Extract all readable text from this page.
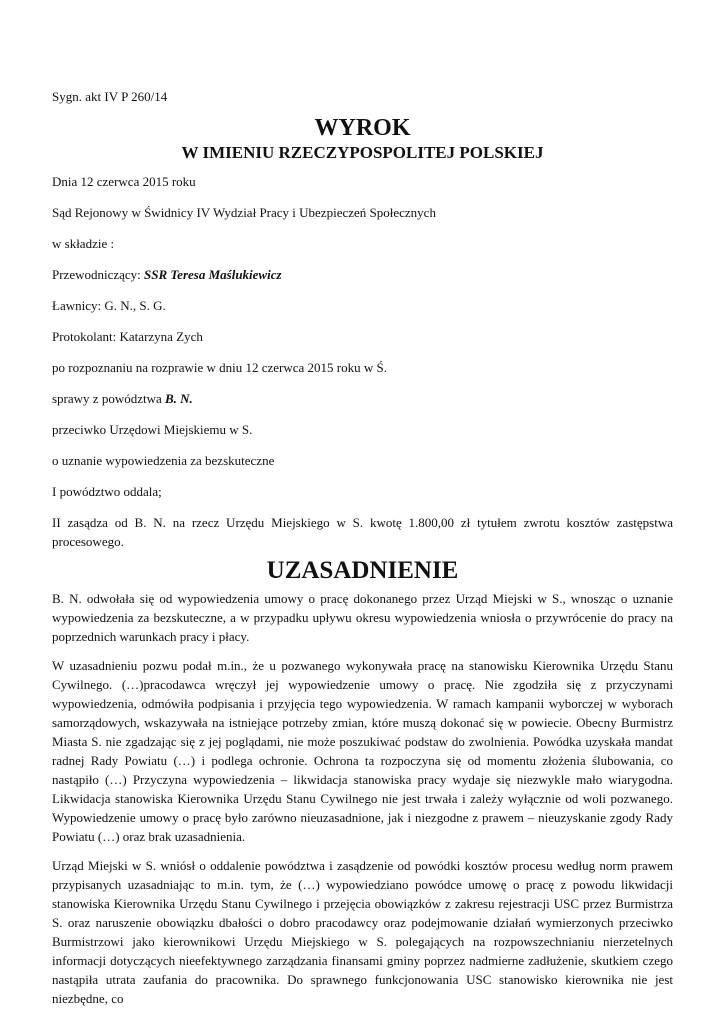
Sygn. akt IV P 260/14

WYROK
W IMIENIU RZECZYPOSPOLITEJ POLSKIEJ

Dnia 12 czerwca 2015 roku

Sąd Rejonowy w Świdnicy IV Wydział Pracy i Ubezpieczeń Społecznych

w składzie :

Przewodniczący: SSR Teresa Maślukiewicz

Ławnicy: G. N., S. G.

Protokolant: Katarzyna Zych

po rozpoznaniu na rozprawie w dniu 12 czerwca 2015 roku w Ś.

sprawy z powództwa B. N.

przeciwko Urzędowi Miejskiemu w S.

o uznanie wypowiedzenia za bezskuteczne

I powództwo oddala;

II zasądza od B. N. na rzecz Urzędu Miejskiego w S. kwotę 1.800,00 zł tytułem zwrotu kosztów zastępstwa procesowego.

UZASADNIENIE

B. N. odwołała się od wypowiedzenia umowy o pracę dokonanego przez Urząd Miejski w S., wnosząc o uznanie wypowiedzenia za bezskuteczne, a w przypadku upływu okresu wypowiedzenia wniosła o przywrócenie do pracy na poprzednich warunkach pracy i płacy.

W uzasadnieniu pozwu podał m.in., że u pozwanego wykonywała pracę na stanowisku Kierownika Urzędu Stanu Cywilnego. (…)pracodawca wręczył jej wypowiedzenie umowy o pracę. Nie zgodziła się z przyczynami wypowiedzenia, odmówiła podpisania i przyjęcia tego wypowiedzenia. W ramach kampanii wyborczej w wyborach samorządowych, wskazywała na istniejące potrzeby zmian, które muszą dokonać się w powiecie. Obecny Burmistrz Miasta S. nie zgadzając się z jej poglądami, nie może poszukiwać podstaw do zwolnienia. Powódka uzyskała mandat radnej Rady Powiatu (…) i podlega ochronie. Ochrona ta rozpoczyna się od momentu złożenia ślubowania, co nastąpiło (…) Przyczyna wypowiedzenia – likwidacja stanowiska pracy wydaje się niezwykle mało wiarygodna. Likwidacja stanowiska Kierownika Urzędu Stanu Cywilnego nie jest trwała i zależy wyłącznie od woli pozwanego. Wypowiedzenie umowy o pracę było zarówno nieuzasadnione, jak i niezgodne z prawem – nieuzyskanie zgody Rady Powiatu (…) oraz brak uzasadnienia.

Urząd Miejski w S. wniósł o oddalenie powództwa i zasądzenie od powódki kosztów procesu według norm prawem przypisanych uzasadniając to m.in. tym, że (…) wypowiedziano powódce umowę o pracę z powodu likwidacji stanowiska Kierownika Urzędu Stanu Cywilnego i przejęcia obowiązków z zakresu rejestracji USC przez Burmistrza S. oraz naruszenie obowiązku dbałości o dobro pracodawcy oraz podejmowanie działań wymierzonych przeciwko Burmistrzowi jako kierownikowi Urzędu Miejskiego w S. polegających na rozpowszechnianiu nierzetelnych informacji dotyczących nieefektywnego zarządzania finansami gminy poprzez nadmierne zadłużenie, skutkiem czego nastąpiła utrata zaufania do pracownika. Do sprawnego funkcjonowania USC stanowisko kierownika nie jest niezbędne, co
